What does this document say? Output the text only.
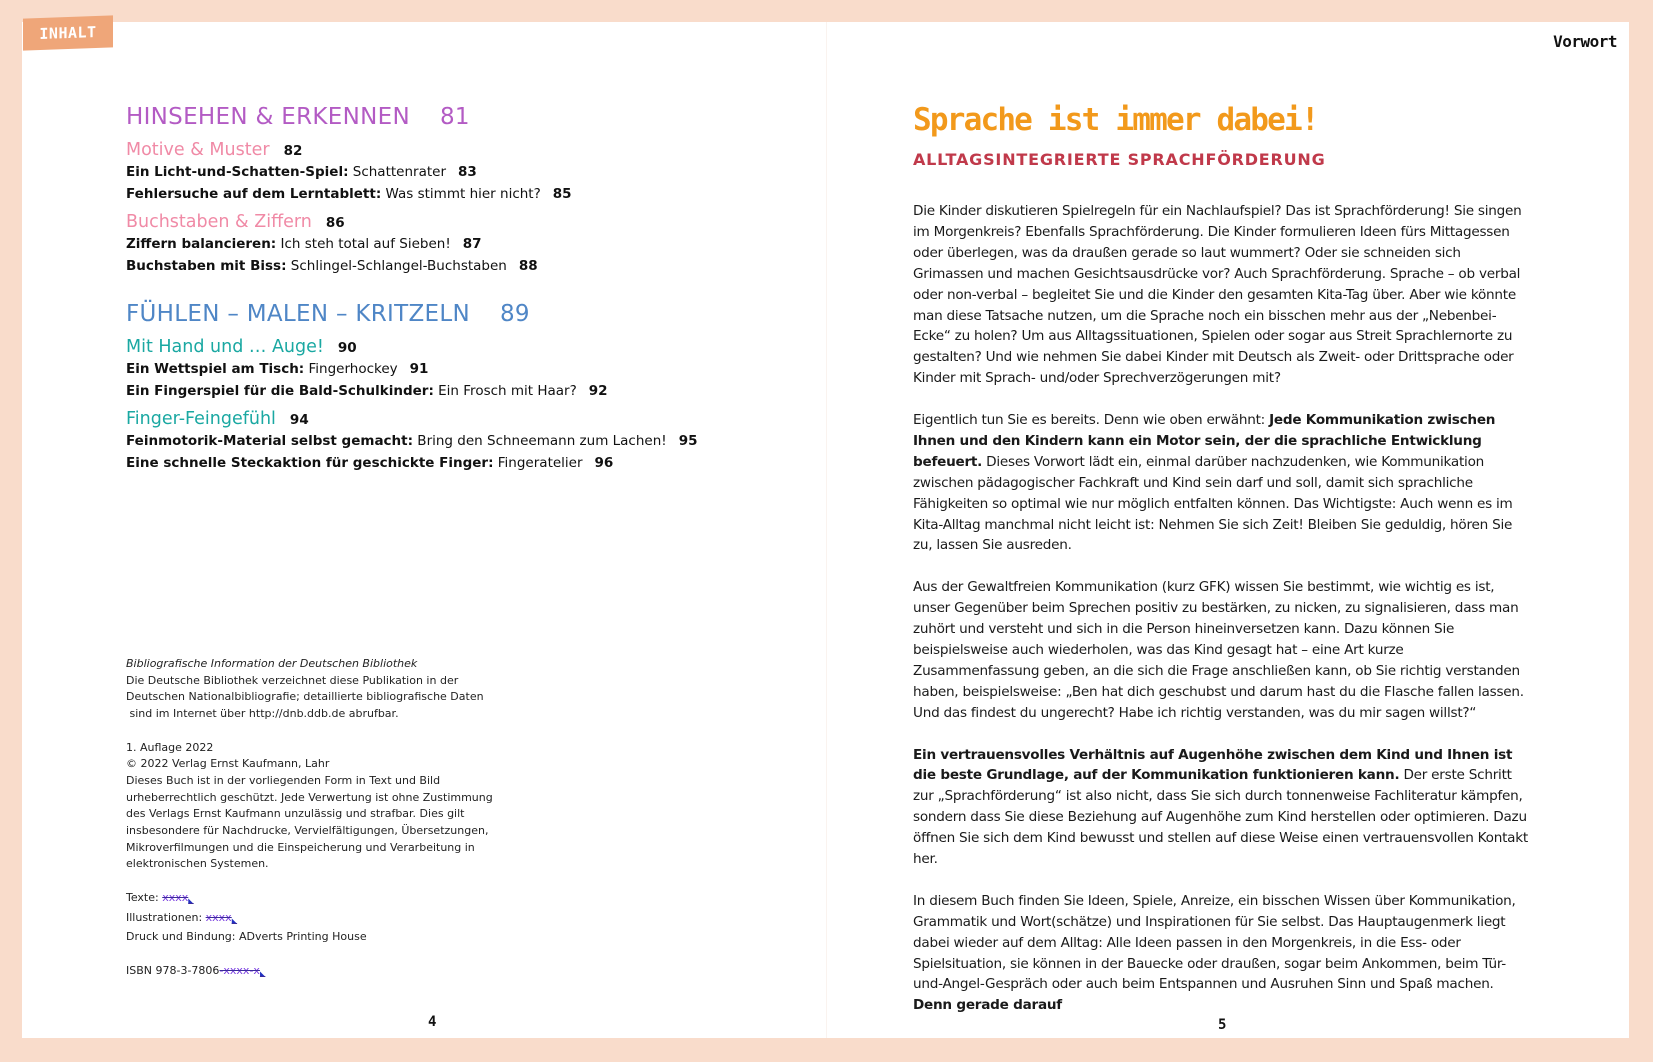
INHALT	Vorwort
HINSEHEN & ERKENNEN 81
Motive & Muster 82
Ein Licht-und-Schatten-Spiel: Schattenrater 83
Fehlersuche auf dem Lerntablett: Was stimmt hier nicht? 85
Buchstaben & Ziffern 86
Ziffern balancieren: Ich steh total auf Sieben! 87
Buchstaben mit Biss: Schlingel-Schlangel-Buchstaben 88
FÜHLEN – MALEN – KRITZELN 89
Mit Hand und … Auge! 90
Ein Wettspiel am Tisch: Fingerhockey 91
Ein Fingerspiel für die Bald-Schulkinder: Ein Frosch mit Haar? 92
Finger-Feingefühl 94
Feinmotorik-Material selbst gemacht: Bring den Schneemann zum Lachen! 95
Eine schnelle Steckaktion für geschickte Finger: Fingeratelier 96

Bibliografische Information der Deutschen Bibliothek
Die Deutsche Bibliothek verzeichnet diese Publikation in der
Deutschen Nationalbibliografie; detaillierte bibliografische Daten
sind im Internet über http://dnb.ddb.de abrufbar.

1. Auflage 2022
© 2022 Verlag Ernst Kaufmann, Lahr
Dieses Buch ist in der vorliegenden Form in Text und Bild
urheberrechtlich geschützt. Jede Verwertung ist ohne Zustimmung
des Verlags Ernst Kaufmann unzulässig und strafbar. Dies gilt
insbesondere für Nachdrucke, Vervielfältigungen, Übersetzungen,
Mikroverfilmungen und die Einspeicherung und Verarbeitung in
elektronischen Systemen.

Texte: xxxx ◣
Illustrationen: xxxx ◣
Druck und Bindung: ADverts Printing House

ISBN 978-3-7806-xxxx-x ◣

4	5
Sprache ist immer dabei!
ALLTAGSINTEGRIERTE SPRACHFÖRDERUNG

Die Kinder diskutieren Spielregeln für ein Nachlaufspiel? Das ist Sprachförderung! Sie singen im Morgenkreis? Ebenfalls Sprachförderung. Die Kinder formulieren Ideen fürs Mittagessen oder überlegen, was da draußen gerade so laut wummert? Oder sie schneiden sich Grimassen und machen Gesichtsausdrücke vor? Auch Sprachförderung. Sprache – ob verbal oder non-verbal – begleitet Sie und die Kinder den gesamten Kita-Tag über. Aber wie könnte man diese Tatsache nutzen, um die Sprache noch ein bisschen mehr aus der „Nebenbei-Ecke“ zu holen? Um aus Alltagssituationen, Spielen oder sogar aus Streit Sprachlernorte zu gestalten? Und wie nehmen Sie dabei Kinder mit Deutsch als Zweit- oder Drittsprache oder Kinder mit Sprach- und/oder Sprechverzögerungen mit?

Eigentlich tun Sie es bereits. Denn wie oben erwähnt: Jede Kommunikation zwischen Ihnen und den Kindern kann ein Motor sein, der die sprachliche Entwicklung befeuert. Dieses Vorwort lädt ein, einmal darüber nachzudenken, wie Kommunikation zwischen pädagogischer Fachkraft und Kind sein darf und soll, damit sich sprachliche Fähigkeiten so optimal wie nur möglich entfalten können. Das Wichtigste: Auch wenn es im Kita-Alltag manchmal nicht leicht ist: Nehmen Sie sich Zeit! Bleiben Sie geduldig, hören Sie zu, lassen Sie ausreden.

Aus der Gewaltfreien Kommunikation (kurz GFK) wissen Sie bestimmt, wie wichtig es ist, unser Gegenüber beim Sprechen positiv zu bestärken, zu nicken, zu signalisieren, dass man zuhört und versteht und sich in die Person hineinversetzen kann. Dazu können Sie beispielsweise auch wiederholen, was das Kind gesagt hat – eine Art kurze Zusammenfassung geben, an die sich die Frage anschließen kann, ob Sie richtig verstanden haben, beispielsweise: „Ben hat dich geschubst und darum hast du die Flasche fallen lassen. Und das findest du ungerecht? Habe ich richtig verstanden, was du mir sagen willst?“

Ein vertrauensvolles Verhältnis auf Augenhöhe zwischen dem Kind und Ihnen ist die beste Grundlage, auf der Kommunikation funktionieren kann. Der erste Schritt zur „Sprachförderung“ ist also nicht, dass Sie sich durch tonnenweise Fachliteratur kämpfen, sondern dass Sie diese Beziehung auf Augenhöhe zum Kind herstellen oder optimieren. Dazu öffnen Sie sich dem Kind bewusst und stellen auf diese Weise einen vertrauensvollen Kontakt her.

In diesem Buch finden Sie Ideen, Spiele, Anreize, ein bisschen Wissen über Kommunikation, Grammatik und Wort(schätze) und Inspirationen für Sie selbst. Das Hauptaugenmerk liegt dabei wieder auf dem Alltag: Alle Ideen passen in den Morgenkreis, in die Ess- oder Spielsituation, sie können in der Bauecke oder draußen, sogar beim Ankommen, beim Tür-und-Angel-Gespräch oder auch beim Entspannen und Ausruhen Sinn und Spaß machen. Denn gerade darauf
